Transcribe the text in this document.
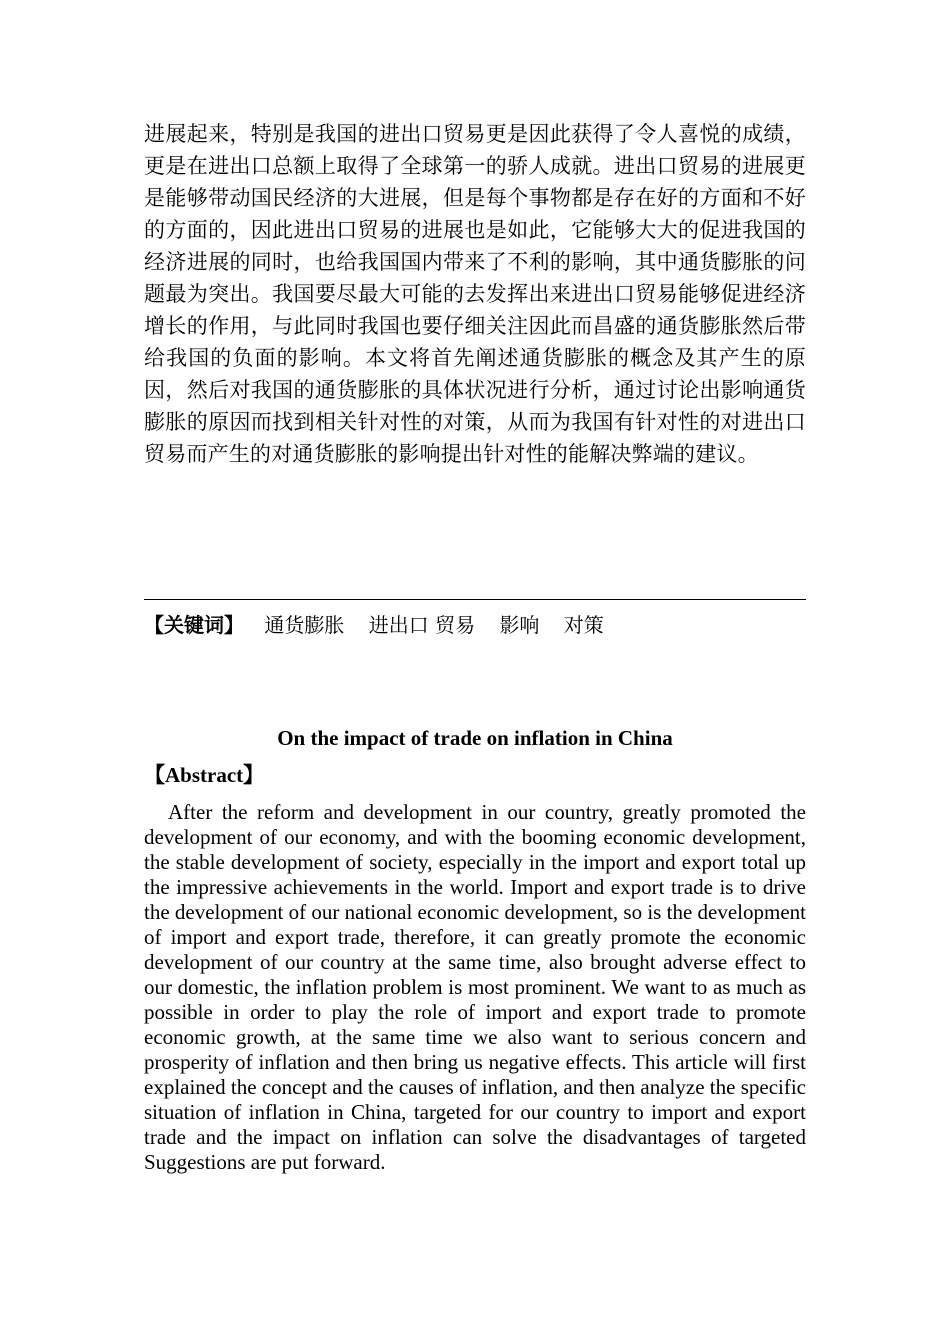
进展起来，特别是我国的进出口贸易更是因此获得了令人喜悦的成绩，更是在进出口总额上取得了全球第一的骄人成就。进出口贸易的进展更是能够带动国民经济的大进展，但是每个事物都是存在好的方面和不好的方面的，因此进出口贸易的进展也是如此，它能够大大的促进我国的经济进展的同时，也给我国国内带来了不利的影响，其中通货膨胀的问题最为突出。我国要尽最大可能的去发挥出来进出口贸易能够促进经济增长的作用，与此同时我国也要仔细关注因此而昌盛的通货膨胀然后带给我国的负面的影响。本文将首先阐述通货膨胀的概念及其产生的原因，然后对我国的通货膨胀的具体状况进行分析，通过讨论出影响通货膨胀的原因而找到相关针对性的对策，从而为我国有针对性的对进出口贸易而产生的对通货膨胀的影响提出针对性的能解决弊端的建议。

【关键词】 通货膨胀 进出口 贸易 影响 对策
On the impact of trade on inflation in China
【Abstract】

After the reform and development in our country, greatly promoted the development of our economy, and with the booming economic development, the stable development of society, especially in the import and export total up the impressive achievements in the world. Import and export trade is to drive the development of our national economic development, so is the development of import and export trade, therefore, it can greatly promote the economic development of our country at the same time, also brought adverse effect to our domestic, the inflation problem is most prominent. We want to as much as possible in order to play the role of import and export trade to promote economic growth, at the same time we also want to serious concern and prosperity of inflation and then bring us negative effects. This article will first explained the concept and the causes of inflation, and then analyze the specific situation of inflation in China, targeted for our country to import and export trade and the impact on inflation can solve the disadvantages of targeted Suggestions are put forward.
